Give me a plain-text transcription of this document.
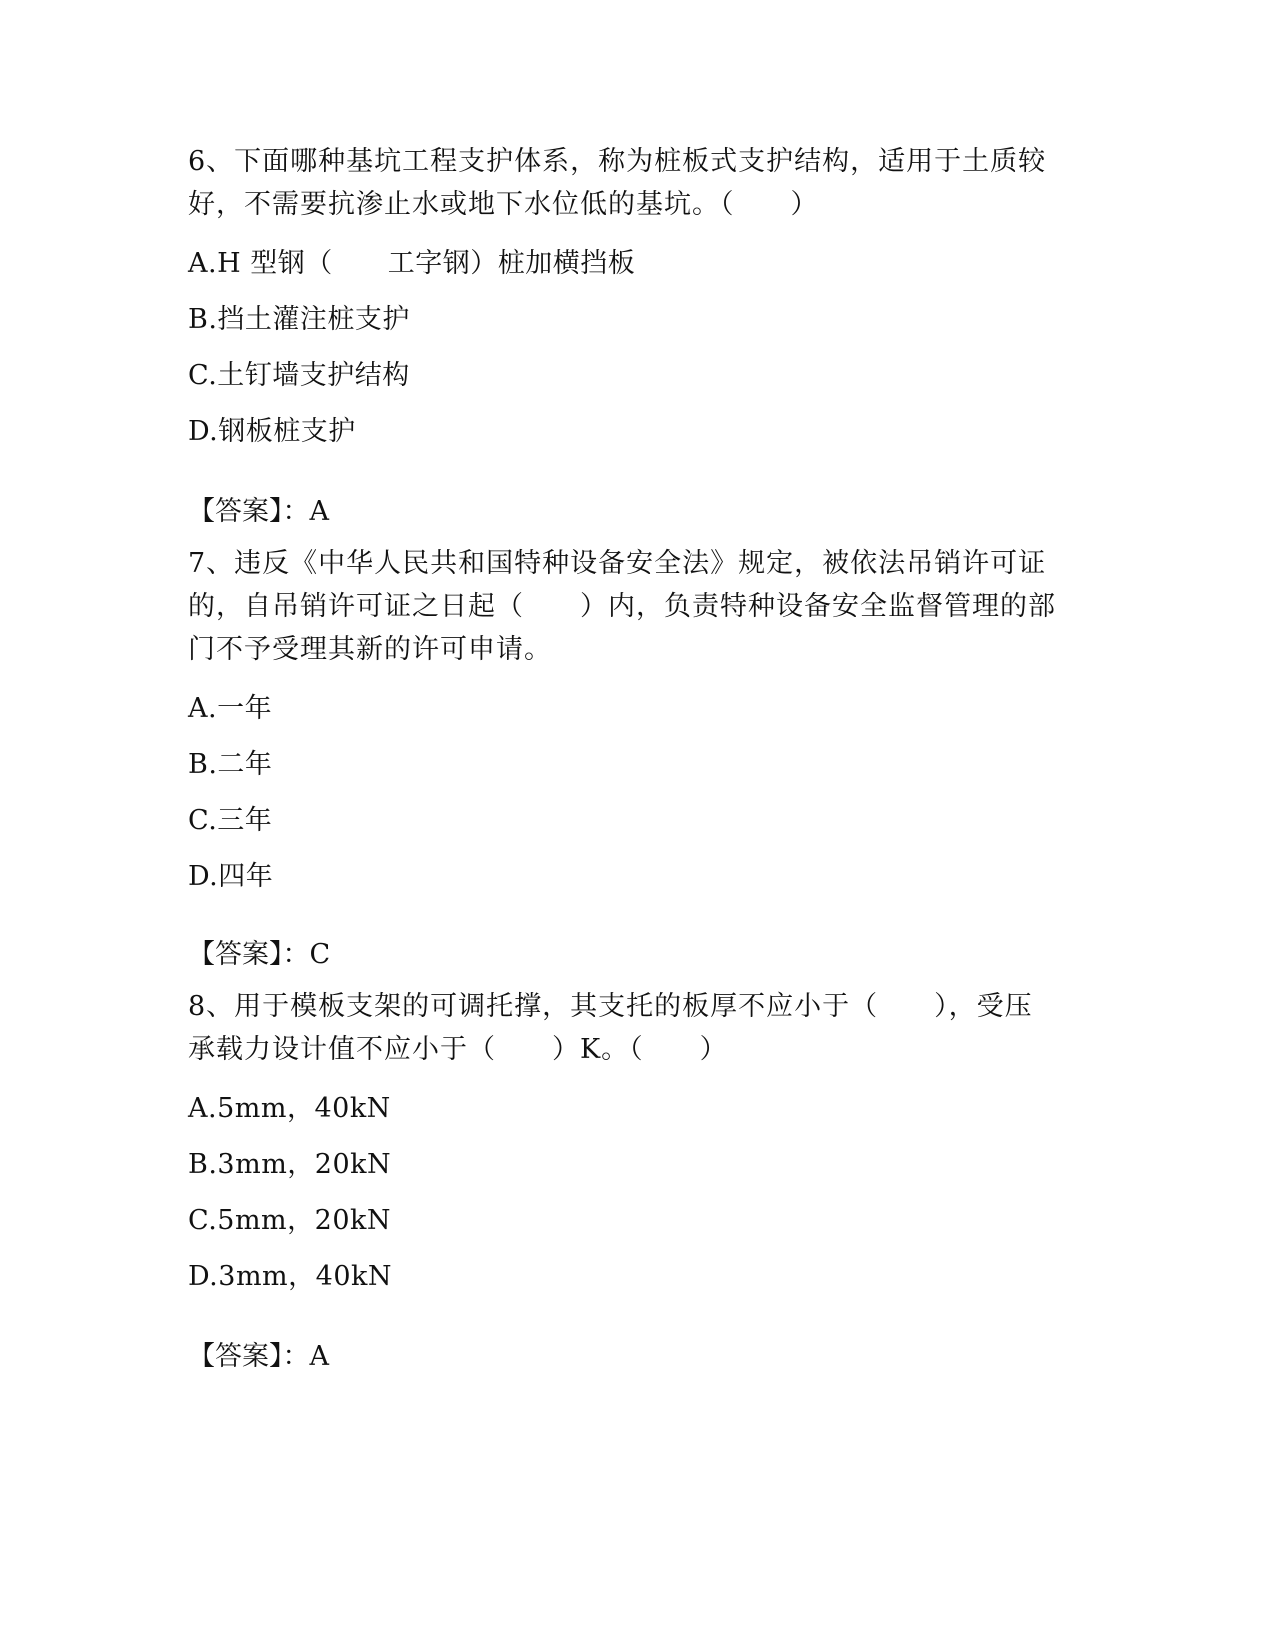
6、下面哪种基坑工程支护体系，称为桩板式支护结构，适用于土质较
好，不需要抗渗止水或地下水位低的基坑。（　　）
A.H 型钢（　　工字钢）桩加横挡板
B.挡土灌注桩支护
C.土钉墙支护结构
D.钢板桩支护
【答案】：A
7、违反《中华人民共和国特种设备安全法》规定，被依法吊销许可证
的，自吊销许可证之日起（　　）内，负责特种设备安全监督管理的部
门不予受理其新的许可申请。
A.一年
B.二年
C.三年
D.四年
【答案】：C
8、用于模板支架的可调托撑，其支托的板厚不应小于（　　），受压
承载力设计值不应小于（　　）K。（　　）
A.5mm，40kN
B.3mm，20kN
C.5mm，20kN
D.3mm，40kN
【答案】：A
